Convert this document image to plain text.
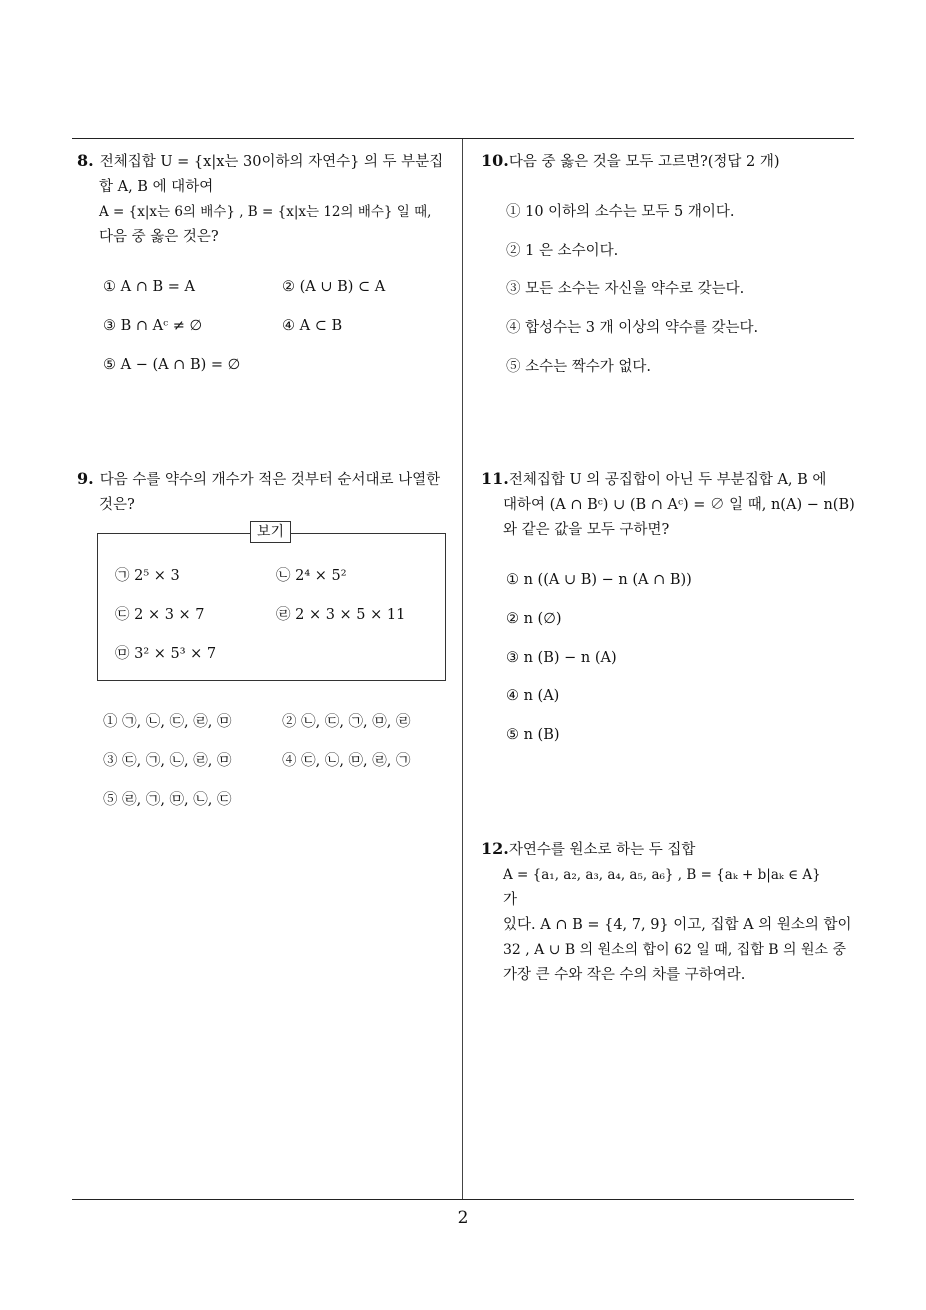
8. 전체집합 U = {x|x는 30이하의 자연수} 의 두 부분집
합 A, B 에 대하여
A = {x|x는 6의 배수} , B = {x|x는 12의 배수} 일 때,
다음 중 옳은 것은?
① A ∩ B = A	② (A ∪ B) ⊂ A
③ B ∩ Aᶜ ≠ ∅	④ A ⊂ B
⑤ A − (A ∩ B) = ∅
9. 다음 수를 약수의 개수가 적은 것부터 순서대로 나열한
것은?
보기
㉠ 2⁵ × 3	㉡ 2⁴ × 5²
㉢ 2 × 3 × 7	㉣ 2 × 3 × 5 × 11
㉤ 3² × 5³ × 7
① ㉠, ㉡, ㉢, ㉣, ㉤	② ㉡, ㉢, ㉠, ㉤, ㉣
③ ㉢, ㉠, ㉡, ㉣, ㉤	④ ㉢, ㉡, ㉤, ㉣, ㉠
⑤ ㉣, ㉠, ㉤, ㉡, ㉢
10.다음 중 옳은 것을 모두 고르면?(정답 2 개)
① 10 이하의 소수는 모두 5 개이다.
② 1 은 소수이다.
③ 모든 소수는 자신을 약수로 갖는다.
④ 합성수는 3 개 이상의 약수를 갖는다.
⑤ 소수는 짝수가 없다.
11.전체집합 U 의 공집합이 아닌 두 부분집합 A, B 에
대하여 (A ∩ Bᶜ) ∪ (B ∩ Aᶜ) = ∅ 일 때, n(A) − n(B)
와 같은 값을 모두 구하면?
① n ((A ∪ B) − n (A ∩ B))
② n (∅)
③ n (B) − n (A)
④ n (A)
⑤ n (B)
12.자연수를 원소로 하는 두 집합
A = {a₁, a₂, a₃, a₄, a₅, a₆} , B = {aₖ + b|aₖ ∈ A}
가
있다. A ∩ B = {4, 7, 9} 이고, 집합 A 의 원소의 합이
32 , A ∪ B 의 원소의 합이 62 일 때, 집합 B 의 원소 중
가장 큰 수와 작은 수의 차를 구하여라.
2
